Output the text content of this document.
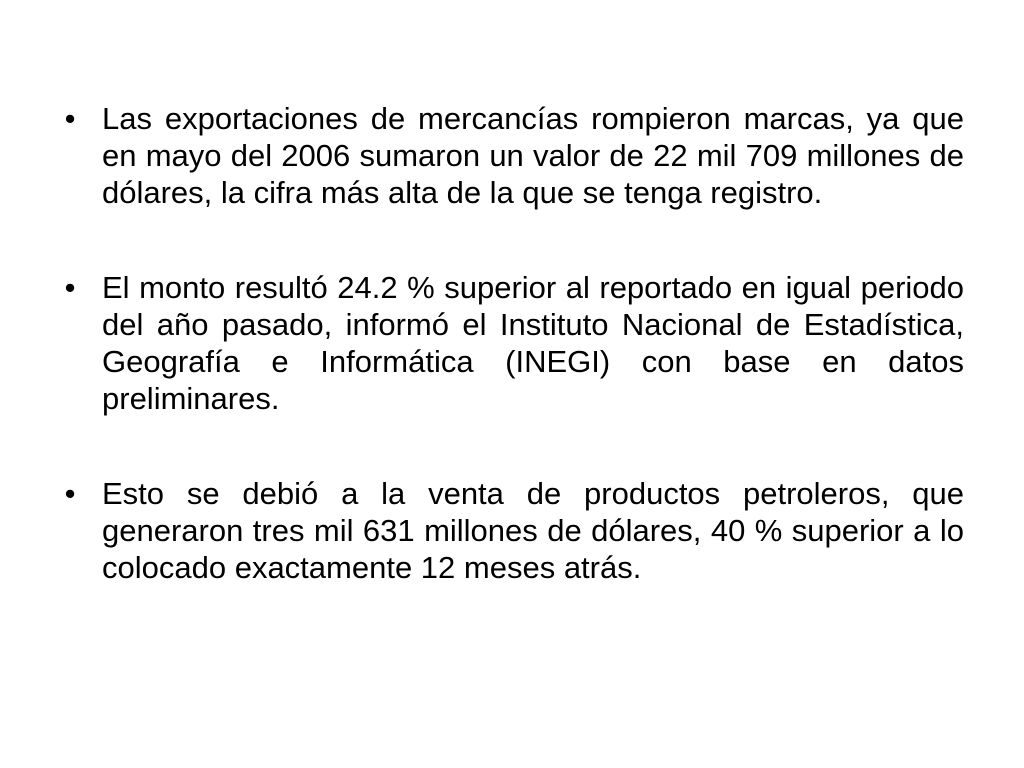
• Las exportaciones de mercancías rompieron marcas, ya que en mayo del 2006 sumaron un valor de 22 mil 709 millones de dólares, la cifra más alta de la que se tenga registro.
• El monto resultó 24.2 % superior al reportado en igual periodo del año pasado, informó el Instituto Nacional de Estadística, Geografía e Informática (INEGI) con base en datos preliminares.
• Esto se debió a la venta de productos petroleros, que generaron tres mil 631 millones de dólares, 40 % superior a lo colocado exactamente 12 meses atrás.
